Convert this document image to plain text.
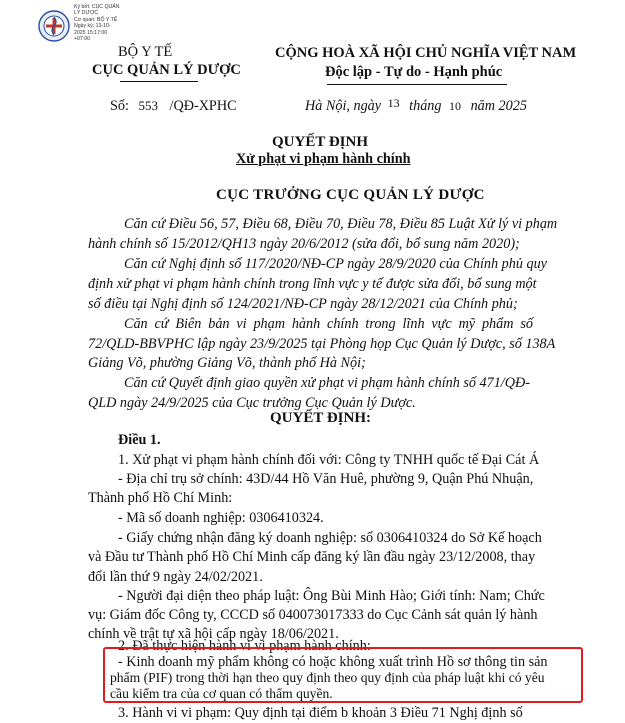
Ký bởi: CỤC QUẢN
LÝ DƯỢC
Cơ quan: BỘ Y TẾ
Ngày ký: 13-10-
2025 15:17:00
+07:00
BỘ Y TẾ
CỤC QUẢN LÝ DƯỢC
Số: 553 /QĐ-XPHC
CỘNG HOÀ XÃ HỘI CHỦ NGHĨA VIỆT NAM
Độc lập - Tự do - Hạnh phúc
Hà Nội, ngày $^{13}$ tháng 10 năm 2025
QUYẾT ĐỊNH
Xử phạt vi phạm hành chính
CỤC TRƯỞNG CỤC QUẢN LÝ DƯỢC
Căn cứ Điều 56, 57, Điều 68, Điều 70, Điều 78, Điều 85 Luật Xử lý vi phạm
hành chính số 15/2012/QH13 ngày 20/6/2012 (sửa đổi, bổ sung năm 2020);
Căn cứ Nghị định số 117/2020/NĐ-CP ngày 28/9/2020 của Chính phủ quy
định xử phạt vi phạm hành chính trong lĩnh vực y tế được sửa đổi, bổ sung một
số điều tại Nghị định số 124/2021/NĐ-CP ngày 28/12/2021 của Chính phủ;
Căn cứ Biên bản vi phạm hành chính trong lĩnh vực mỹ phẩm số
72/QLD-BBVPHC lập ngày 23/9/2025 tại Phòng họp Cục Quản lý Dược, số 138A
Giảng Võ, phường Giảng Võ, thành phố Hà Nội;
Căn cứ Quyết định giao quyền xử phạt vi phạm hành chính số 471/QĐ-
QLD ngày 24/9/2025 của Cục trưởng Cục Quản lý Dược.
QUYẾT ĐỊNH:
Điều 1.
1. Xử phạt vi phạm hành chính đối với: Công ty TNHH quốc tế Đại Cát Á
- Địa chỉ trụ sở chính: 43D/44 Hồ Văn Huê, phường 9, Quận Phú Nhuận,
Thành phố Hồ Chí Minh:
- Mã số doanh nghiệp: 0306410324.
- Giấy chứng nhận đăng ký doanh nghiệp: số 0306410324 do Sở Kế hoạch
và Đầu tư Thành phố Hồ Chí Minh cấp đăng ký lần đầu ngày 23/12/2008, thay
đổi lần thứ 9 ngày 24/02/2021.
- Người đại diện theo pháp luật: Ông Bùi Minh Hào; Giới tính: Nam; Chức
vụ: Giám đốc Công ty, CCCD số 040073017333 do Cục Cảnh sát quản lý hành
chính về trật tự xã hội cấp ngày 18/06/2021.
2. Đã thực hiện hành vi vi phạm hành chính:
- Kinh doanh mỹ phẩm không có hoặc không xuất trình Hồ sơ thông tin sản
phẩm (PIF) trong thời hạn theo quy định theo quy định của pháp luật khi có yêu
cầu kiểm tra của cơ quan có thẩm quyền.
3. Hành vi vi phạm: Quy định tại điểm b khoản 3 Điều 71 Nghị định số
